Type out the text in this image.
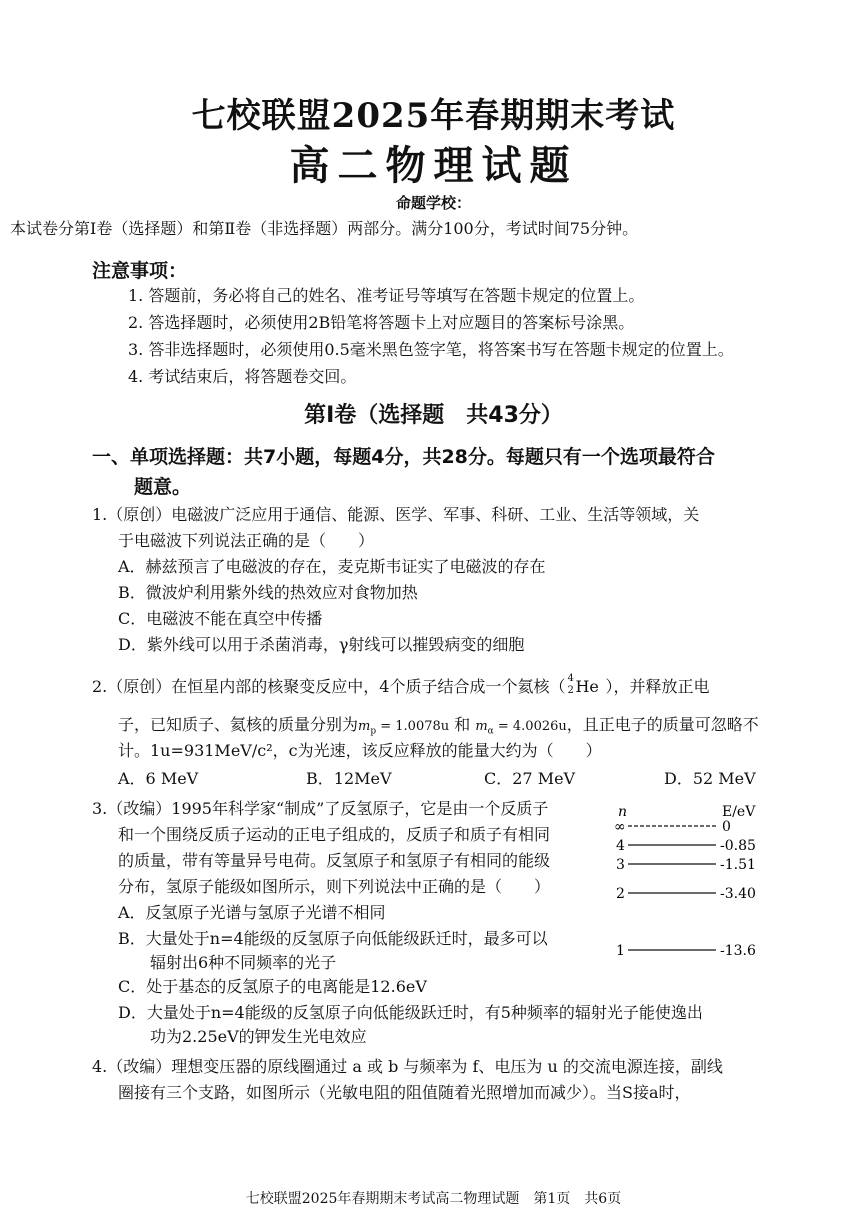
七校联盟2025年春期期末考试
高二物理试题
命题学校：
本试卷分第Ⅰ卷（选择题）和第Ⅱ卷（非选择题）两部分。满分100分，考试时间75分钟。
注意事项：
1. 答题前，务必将自己的姓名、准考证号等填写在答题卡规定的位置上。
2. 答选择题时，必须使用2B铅笔将答题卡上对应题目的答案标号涂黑。
3. 答非选择题时，必须使用0.5毫米黑色签字笔，将答案书写在答题卡规定的位置上。
4. 考试结束后，将答题卷交回。
第Ⅰ卷（选择题　共43分）
一、单项选择题：共7小题，每题4分，共28分。每题只有一个选项最符合
题意。
1.（原创）电磁波广泛应用于通信、能源、医学、军事、科研、工业、生活等领域，关
于电磁波下列说法正确的是（　　）
A．赫兹预言了电磁波的存在，麦克斯韦证实了电磁波的存在
B．微波炉利用紫外线的热效应对食物加热
C．电磁波不能在真空中传播
D．紫外线可以用于杀菌消毒，γ射线可以摧毁病变的细胞
2.（原创）在恒星内部的核聚变反应中，4个质子结合成一个氦核（ 4
2 He ），并释放正电
子，已知质子、氦核的质量分别为$m_p = 1.0078u$ 和 $m_\alpha = 4.0026u$，且正电子的质量可忽略不
计。1u=931MeV/c²，c为光速，该反应释放的能量大约为（　　）
A．6 MeV	B．12MeV	C．27 MeV	D．52 MeV
3.（改编）1995年科学家“制成”了反氢原子，它是由一个反质子
和一个围绕反质子运动的正电子组成的，反质子和质子有相同
的质量，带有等量异号电荷。反氢原子和氢原子有相同的能级
分布，氢原子能级如图所示，则下列说法中正确的是（　　）
A．反氢原子光谱与氢原子光谱不相同
B．大量处于n=4能级的反氢原子向低能级跃迁时，最多可以
　　辐射出6种不同频率的光子
C．处于基态的反氢原子的电离能是12.6eV
D．大量处于n=4能级的反氢原子向低能级跃迁时，有5种频率的辐射光子能使逸出
　　功为2.25eV的钾发生光电效应
n	E/eV
∞	0
4	-0.85
3	-1.51
2	-3.40
1	-13.6
4.（改编）理想变压器的原线圈通过 a 或 b 与频率为 f、电压为 u 的交流电源连接，副线
圈接有三个支路，如图所示（光敏电阻的阻值随着光照增加而减少）。当S接a时，
七校联盟2025年春期期末考试高二物理试题　第1页　共6页
